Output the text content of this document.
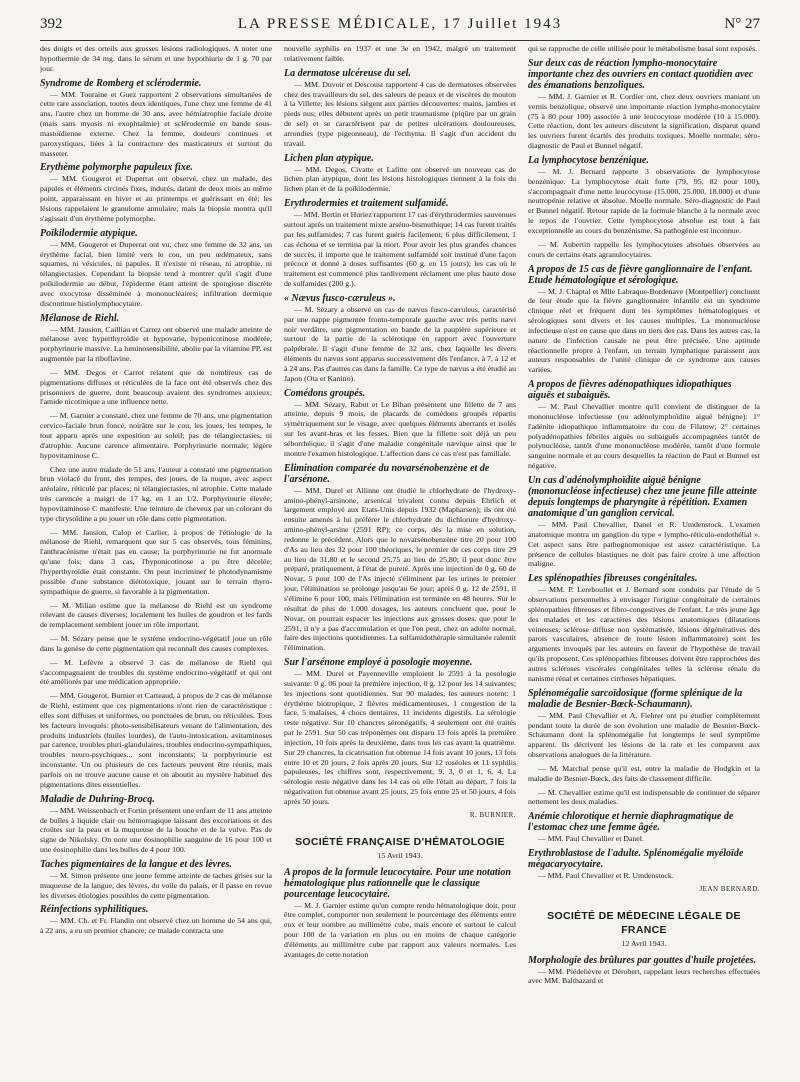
392	LA PRESSE MÉDICALE, 17 Juillet 1943	N° 27

des doigts et des orteils aux grosses lésions radiologiques. A noter une hypothermie de 34 mg. dans le sérum et une hypothiurie de 1 g. 70 par jour.

Syndrome de Romberg et sclérodermie.

— MM. Touraine et Guez rapportent 2 observations simultanées de cette rare association, toutes deux identiques, l'une chez une femme de 41 ans, l'autre chez un homme de 30 ans, avec hémiatrophie faciale droite (mais sans myosis ni exophtalmie) et sclérodermie en bande sous-mastoïdienne externe. Chez la femme, douleurs continues et paroxystiques, liées à la contracture des masticateurs et surtout du masseter.

Erythème polymorphe papuleux fixe.

— MM. Gougerot et Duperrat ont observé, chez un malade, des papules et éléments circinés fixes, indurés, datant de deux mois au même point, apparaissant en hiver et au printemps et guérissant en été; les lésions rappelaient le granulome annulaire; mais la biopsie montra qu'il s'agissait d'un érythème polymorphe.

Poïkilodermie atypique.

— MM. Gougerot et Duperrat ont vu, chez une femme de 32 ans, un érythème facial, bien limité vers le cou, un peu œdémateux, sans squames, ni vésicules, ni papules. Il n'existe ni réseau, ni atrophie, ni télangiectasies. Cependant la biopsie tend à montrer qu'il s'agit d'une poïkilodermie au début, l'épiderme étant atteint de spongiose discrète avec exocytose disséminée à mononucléaires; infiltration dermique discontinue histiolymphocytaire.

Mélanose de Riehl.

— MM. Jausion, Cailliau et Carrez ont observé une malade atteinte de mélanose avec hyperthyroïdie et hypovarie, hyponicotinose modérée, porphyrinurie massive. La luminosensibilité, abolie par la vitamine PP, est augmentée par la riboflavine.

— MM. Degos et Carrot relatent que de nombreux cas de pigmentations diffuses et réticulées de la face ont été observés chez des prisonniers de guerre, dont beaucoup avaient des syndromes anxieux; l'amide nicotinique a une influence nette.

— M. Garnier a constaté, chez une femme de 70 ans, une pigmentation cervico-faciale brun foncé, noirâtre sur le cou, les joues, les tempes, le tout apparu après une exposition au soleil; pas de télangiectasies, ni d'atrophie. Aucune carence alimentaire. Porphyrinurie normale; légère hypovitaminose C.

Chez une autre malade de 51 ans, l'auteur a constaté une pigmentation brun violacé du front, des tempes, des joues, de la nuque, avec aspect aréolaire, réticulé par places; ni télangiectasies, ni atrophie. Cette malade très carencée a maigri de 17 kg. en 1 an 1/2. Porphyrinurie élevée; hypovitaminose C manifeste. Une teinture de cheveux par un colorant du type chrysoïdine a pu jouer un rôle dans cette pigmentation.

— MM. Jausion, Calop et Carlier, à propos de l'étiologie de la mélanose de Riehl, remarquent que sur 5 cas observés, tous féminins, l'anthracénisme n'était pas en cause; la porphyrinurie ne fut anormale qu'une fois; dans 3 cas, l'hyponicotinose a pu être décelée; l'hyperthyroïdie était constante. On peut incriminer le photodynamisme possible d'une substance diétotoxique, jouant sur le terrain thyro-sympathique de guerre, si favorable à la pigmentation.

— M. Milian estime que la mélanose de Riehl est un syndrome relevant de causes diverses; localement les huiles de goudron et les fards de remplacement semblent jouer un rôle important.

— M. Sézary pense que le système endocrino-végétatif joue un rôle dans la genèse de cette pigmentation qui reconnaît des causes complexes.

— M. Lefèvre a observé 3 cas de mélanose de Riehl qui s'accompagnaient de troubles du système endocrino-végétatif et qui ont été améliorés par une médication appropriée.

— MM. Gougerot, Burnier et Carteaud, à propos de 2 cas de mélanose de Riehl, estiment que ces pigmentations n'ont rien de caractéristique : elles sont diffuses et uniformes, ou ponctuées de brun, ou réticulées. Tous les facteurs invoqués: photo-sensibilisateurs venant de l'alimentation, des produits industriels (huiles lourdes), de l'auto-intoxication, avitaminoses par carence, troubles pluri-glandulaires, troubles endocrino-sympathiques, troubles neuro-psychiques... sont inconstants; la porphyrinurie est inconstante. Un ou plusieurs de ces facteurs peuvent être réunis, mais parfois on ne trouve aucune cause et on aboutit au mystère habituel des pigmentations dites essentielles.

Maladie de Duhring-Brocq.

— MM. Weissenbach et Fortin présentent une enfant de 11 ans atteinte de bulles à liquide clair ou hémorragique laissant des excoriations et des croûtes sur la peau et la muqueuse de la bouche et de la vulve. Pas de signe de Nikolsky. On note une éosinophilie sanguine de 16 pour 100 et une éosinophilie dans les bulles de 4 pour 100.

Taches pigmentaires de la langue et des lèvres.

— M. Simon présente une jeune femme atteinte de taches grises sur la muqueuse de la langue, des lèvres, du voile du palais, et il passe en revue les diverses étiologies possibles de cette pigmentation.

Réinfections syphilitiques.

— MM. Ch. et Fr. Flandin ont observé chez un homme de 54 ans qui, à 22 ans, a eu un premier chancre; ce malade contracta une

nouvelle syphilis en 1937 et une 3e en 1942, malgré un traitement relativement faible.

La dermatose ulcéreuse du sel.

— MM. Duvoir et Descoust rapportent 4 cas de dermatoses observées chez des travailleurs du sel, des saleurs de peaux et de viscères de mouton à la Villette; les lésions siègent aux parties découvertes: mains, jambes et pieds nus; elles débutent après un petit traumatisme (piqûre par un grain de sel) et se caractérisent par de petites ulcérations douloureuses, arrondies (type pigeonneau), de l'ecthyma. Il s'agit d'un accident du travail.

Lichen plan atypique.

— MM. Degos, Civatte et Lafitte ont observé un nouveau cas de lichen plan atypique, dont les lésions histologiques tiennent à la fois du lichen plan et de la poïkilodermie.

Erythrodermies et traitement sulfamidé.

— MM. Bertin et Huriez rapportent 17 cas d'érythrodermies sauvenues surtout après un traitement mixte arséno-bismuthique; 14 cas furent traités par les sulfamides; 7 cas furent guéris facilement; 6 plus difficilement, 1 cas échoua et se termina par la mort. Pour avoir les plus grandes chances de succès, il importe que le traitement sulfamidé soit institué d'une façon précoce et donné à doses suffisantes (60 g. en 15 jours); les cas où le traitement est commencé plus tardivement réclament une plus haute dose de sulfamides (200 g.).

« Nævus fusco-cæruleus ».

— M. Sézary a observé un cas de nævus fusco-cæruleus, caractérisé par une nappe pigmentée fronto-temporale gauche avec très petits nævi noir verdâtre, une pigmentation en bande de la paupière supérieure et surtout de la partie de la sclérotique en rapport avec l'ouverture palpébrale. Il s'agit d'une femme de 32 ans, chez laquelle les divers éléments du nævus sont apparus successivement dès l'enfance, à 7, à 12 et à 24 ans. Pas d'autres cas dans la famille. Ce type de nævus a été étudié au Japon (Ota et Kanino).

Comédons groupés.

— MM. Sézary, Rabut et Le Bihan présentent une fillette de 7 ans atteinte, depuis 9 mois, de placards de comédons groupés répartis symétriquement sur le visage, avec quelques éléments aberrants et isolés sur les avant-bras et les fesses. Bien que la fillette soit déjà un peu séborrhéique, il s'agit d'une maladie congénitale nævique ainsi que le montre l'examen histologique. L'affection dans ce cas n'est pas familiale.

Elimination comparée du novarsénobenzène et de l'arsénone.

— MM. Durel et Allinne ont étudié le chlorhydrate de l'hydroxy-amino-phényl-arsinone, arsenical trivalent connu depuis Ehrlich et largement employé aux Etats-Unis depuis 1932 (Mapharsen); ils ont été ensuite amenés à lui préférer le chlorhydrate du dichlorure d'hydroxy-amino-phényl-arsine (2591 RP); ce corps, dès la mise en solution, redonne le précédent. Alors que le novarsénobenzène titre 20 pour 100 d'As au lieu des 32 pour 100 théoriques, le premier de ces corps titre 29 au lieu de 31,80 et le second 25,75 au lieu de 25,80; il peut donc être préparé, pratiquement, à l'état de pureté. Après une injection de 0 g. 60 de Novar, 5 pour 100 de l'As injecté s'éliminent par les urines le premier jour, l'élimination se prolonge jusqu'au 6e jour; après 0 g. 12 de 2591, il s'élimine 6 pour 100, mais l'élimination est terminée en 48 heures. Sur le résultat de plus de 1.000 dosages, les auteurs concluent que, pour le Novar, on pourrait espacer les injections aux grosses doses, que pour le 2591, il n'y a pas d'accumulation et que l'on peut, chez un adulte normal, faire des injections quotidiennes. La sulfamidothérapie simultanée ralentit l'élimination.

Sur l'arsénone employé à posologie moyenne.

— MM. Durel et Payenneville emploient le 2591 à la posologie suivante: 0 g. 06 pour la première injection, 0 g. 12 pour les 14 suivantes; les injections sont quotidiennes. Sur 90 malades, les auteurs notent: 1 érythème biotropique, 2 fièvres médicamenteuses, 1 congestion de la face, 5 malaises, 4 chocs dentaires, 11 incidents digestifs. La sérologie reste négative. Sur 10 chancres séronégatifs, 4 seulement ont été traités par le 2591. Sur 50 cas tréponèmes ont disparu 13 fois après la première injection, 10 fois après la deuxième, dans tous les cas avant la quatrième. Sur 29 chancres, la cicatrisation fut obtenue 14 fois avant 10 jours, 13 fois entre 10 et 20 jours, 2 fois après 20 jours. Sur 12 roséoles et 11 syphilis papuleuses, les chiffres sont, respectivement, 9, 3, 0 et 1, 6, 4. La sérologie reste négative dans les 14 cas où elle l'était au départ, 7 fois la négativation fut obtenue avant 25 jours, 25 fois entre 25 et 50 jours, 4 fois après 50 jours.

R. BURNIER.

SOCIÉTÉ FRANÇAISE D'HÉMATOLOGIE

15 Avril 1943.

A propos de la formule leucocytaire. Pour une notation hématologique plus rationnelle que le classique pourcentage leucocytaire.

— M. J. Garnier estime qu'un compte rendu hématologique doit, pour être complet, comporter non seulement le pourcentage des éléments entre eux et leur nombre au millimètre cube, mais encore et surtout le calcul pour 100 de la variation en plus ou en moins de chaque catégorie d'éléments au millimètre cube par rapport aux valeurs normales. Les avantages de cette notation

qui se rapproche de celle utilisée pour le métabolisme basal sont exposés.

Sur deux cas de réaction lympho-monocytaire importante chez des ouvriers en contact quotidien avec des émanations benzoliques.

— MM. J. Garnier et R. Cordier ont, chez deux ouvriers maniant un vernis benzolique, observé une importante réaction lympho-monocytaire (75 à 80 pour 100) associée à une leucocytose modérée (10 à 15.000). Cette réaction, dont les auteurs discutent la signification, disparut quand les ouvriers furent écartés des produits toxiques. Moelle normale; séro-diagnostic de Paul et Bunnel négatif.

La lymphocytose benzénique.

— M. J. Bernard rapporte 3 observations de lymphocytose benzénique. La lymphocytose était forte (79, 95, 82 pour 100), s'accompagnait d'une nette leucocytose (15.000, 25.000, 18.000) et d'une neutropénie relative et absolue. Moelle normale. Séro-diagnostic de Paul et Bunnel négatif. Retour rapide de la formule blanche à la normale avec le repos de l'ouvrier. Cette lymphocytose absolue est tout à fait exceptionnelle au cours du benzénisme. Sa pathogénie est inconnue.

— M. Aubertin rappelle les lymphocytoses absolues observées au cours de certains états agranulocytaires.

A propos de 15 cas de fièvre ganglionnaire de l'enfant. Etude hématologique et sérologique.

— M. J. Chaptal et Mlle Labraque-Bordenave (Montpellier) concluent de leur étude que la fièvre ganglionnaire infantile est un syndrome clinique réel et fréquent dont les symptômes hématologiques et sérologiques sont divers et les causes multiples. La mononucléose infectieuse n'est en cause que dans un tiers des cas. Dans les autres cas, la nature de l'infection causale ne peut être précisée. Une aptitude réactionnelle propre à l'enfant, un terrain lymphatique paraissent aux auteurs responsables de l'unité clinique de ce syndrome aux causes variées.

A propos de fièvres adénopathiques idiopathiques aiguës et subaiguës.

— M. Paul Chevallier montre qu'il convient de distinguer de la mononucléose infectieuse (ou adénolymphoïdite aiguë bénigne): 1° l'adénite idiopathique inflammatoire du cou de Filatow; 2° certaines polyadénopathies fébriles aiguës ou subaiguës accompagnées tantôt de polynucléose, tantôt d'une mononucléose modérée, tantôt d'une formule sanguine normale et au cours desquelles la réaction de Paul et Bunnel est négative.

Un cas d'adénolymphoïdite aiguë bénigne (mononucléose infectieuse) chez une jeune fille atteinte depuis longtemps de pharyngite à répétition. Examen anatomique d'un ganglion cervical.

— MM. Paul Chevallier, Danel et R. Umdenstock. L'examen anatomique montra un ganglion du type « lympho-réticulo-endothélial ». Cet aspect sans être pathognomonique est assez caractéristique. La présence de cellules blastiques ne doit pas faire croire à une affection maligne.

Les splénopathies fibreuses congénitales.

— MM. P. Lereboullet et J. Bernard sont conduits par l'étude de 5 observations personnelles à envisager l'origine congénitale de certaines splénopathies fibreuses et fibro-congestives de l'enfant. Le très jeune âge des malades et les caractères des lésions anatomiques (dilatations veineuses, sclérose diffuse non systématisée, lésions dégénératives des parois vasculaires, absence de toute lésion inflammatoire) sont les arguments invoqués par les auteurs en faveur de l'hypothèse de travail qu'ils proposent. Ces splénopathies fibreuses doivent être rapprochées des autres scléroses viscérales congénitales telles la sclérose rénale du nanisme rénal et certaines cirrhoses hépatiques.

Splénomégalie sarcoïdosique (forme splénique de la maladie de Besnier-Bœck-Schaumann).

— MM. Paul Chevallier et A. Fiehrer ont pu étudier complètement pendant toute la durée de son évolution une maladie de Besnier-Bœck-Schaumann dont la splénomégalie fut longtemps le seul symptôme apparent. Ils décrivent les lésions de la rate et les comparent aux observations analogues de la littérature.

— M. Marchal pense qu'il est, entre la maladie de Hodgkin et la maladie de Besnier-Bœck, des faits de classement difficile.

— M. Chevallier estime qu'il est indispensable de continuer de séparer nettement les deux maladies.

Anémie chlorotique et hernie diaphragmatique de l'estomac chez une femme âgée.

— MM. Paul Chevallier et Danel.

Erythroblastose de l'adulte. Splénomégalie myéloïde mégacaryocytaire.

— MM. Paul Chevallier et R. Umdenstock.

JEAN BERNARD.

SOCIÉTÉ DE MÉDECINE LÉGALE DE FRANCE

12 Avril 1943.

Morphologie des brûlures par gouttes d'huile projetées.

— MM. Piédelièvre et Dérobert, rappelant leurs recherches effectuées avec MM. Balthazard et
